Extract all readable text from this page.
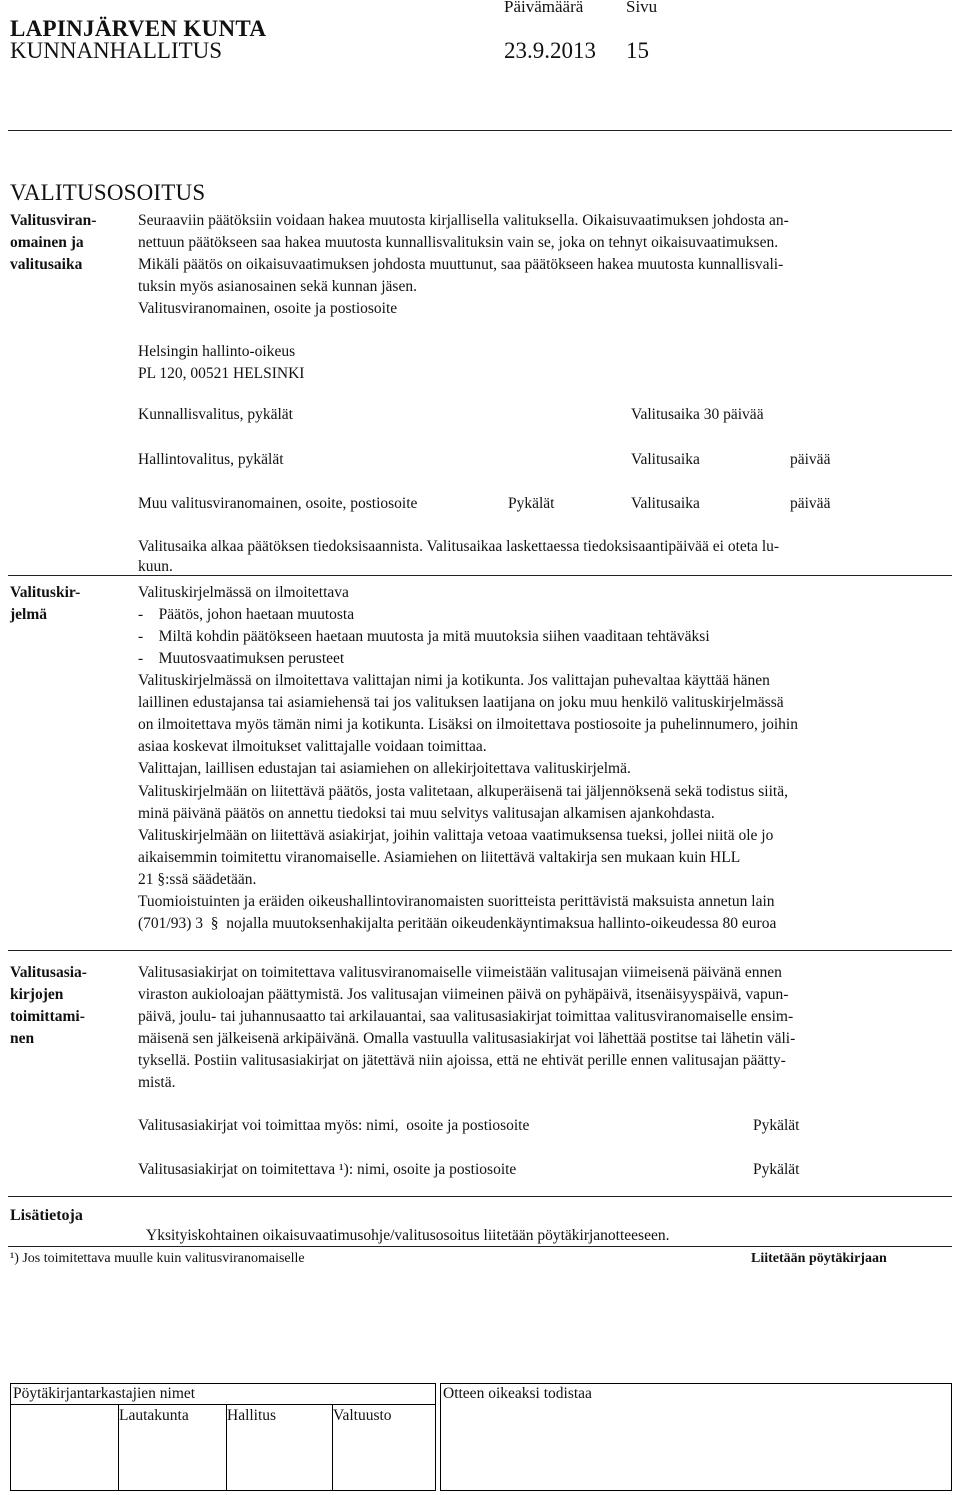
LAPINJÄRVEN KUNTA
KUNNANHALLITUS
Päivämäärä	Sivu
23.9.2013 15
VALITUSOSOITUS
Valitusviran-
omainen ja
valitusaika
Seuraaviin päätöksiin voidaan hakea muutosta kirjallisella valituksella. Oikaisuvaatimuksen johdosta an-
nettuun päätökseen saa hakea muutosta kunnallisvalituksin vain se, joka on tehnyt oikaisuvaatimuksen.
Mikäli päätös on oikaisuvaatimuksen johdosta muuttunut, saa päätökseen hakea muutosta kunnallisvali-
tuksin myös asianosainen sekä kunnan jäsen.
Valitusviranomainen, osoite ja postiosoite
Helsingin hallinto-oikeus
PL 120, 00521 HELSINKI
Kunnallisvalitus, pykälät	Valitusaika 30 päivää
Hallintovalitus, pykälät	Valitusaika	päivää
Muu valitusviranomainen, osoite, postiosoite	Pykälät	Valitusaika	päivää
Valitusaika alkaa päätöksen tiedoksisaannista. Valitusaikaa laskettaessa tiedoksisaantipäivää ei oteta lu-
kuun.
Valituskir-
jelmä
Valituskirjelmässä on ilmoitettava
-    Päätös, johon haetaan muutosta
-    Miltä kohdin päätökseen haetaan muutosta ja mitä muutoksia siihen vaaditaan tehtäväksi
-    Muutosvaatimuksen perusteet
Valituskirjelmässä on ilmoitettava valittajan nimi ja kotikunta. Jos valittajan puhevaltaa käyttää hänen
laillinen edustajansa tai asiamiehensä tai jos valituksen laatijana on joku muu henkilö valituskirjelmässä
on ilmoitettava myös tämän nimi ja kotikunta. Lisäksi on ilmoitettava postiosoite ja puhelinnumero, joihin
asiaa koskevat ilmoitukset valittajalle voidaan toimittaa.
Valittajan, laillisen edustajan tai asiamiehen on allekirjoitettava valituskirjelmä.
Valituskirjelmään on liitettävä päätös, josta valitetaan, alkuperäisenä tai jäljennöksenä sekä todistus siitä,
minä päivänä päätös on annettu tiedoksi tai muu selvitys valitusajan alkamisen ajankohdasta.
Valituskirjelmään on liitettävä asiakirjat, joihin valittaja vetoaa vaatimuksensa tueksi, jollei niitä ole jo
aikaisemmin toimitettu viranomaiselle. Asiamiehen on liitettävä valtakirja sen mukaan kuin HLL
21 §:ssä säädetään.
Tuomioistuinten ja eräiden oikeushallintoviranomaisten suoritteista perittävistä maksuista annetun lain
(701/93) 3  §  nojalla muutoksenhakijalta peritään oikeudenkäyntimaksua hallinto-oikeudessa 80 euroa
Valitusasia-
kirjojen
toimittami-
nen
Valitusasiakirjat on toimitettava valitusviranomaiselle viimeistään valitusajan viimeisenä päivänä ennen
viraston aukioloajan päättymistä. Jos valitusajan viimeinen päivä on pyhäpäivä, itsenäisyyspäivä, vapun-
päivä, joulu- tai juhannusaatto tai arkilauantai, saa valitusasiakirjat toimittaa valitusviranomaiselle ensim-
mäisenä sen jälkeisenä arkipäivänä. Omalla vastuulla valitusasiakirjat voi lähettää postitse tai lähetin väli-
tyksellä. Postiin valitusasiakirjat on jätettävä niin ajoissa, että ne ehtivät perille ennen valitusajan päätty-
mistä.
Valitusasiakirjat voi toimittaa myös: nimi,  osoite ja postiosoite	Pykälät
Valitusasiakirjat on toimitettava ¹): nimi, osoite ja postiosoite	Pykälät
Lisätietoja
Yksityiskohtainen oikaisuvaatimusohje/valitusosoitus liitetään pöytäkirjanotteeseen.
¹) Jos toimitettava muulle kuin valitusviranomaiselle	Liitetään pöytäkirjaan
Pöytäkirjantarkastajien nimet
Lautakunta Hallitus	Valtuusto
Otteen oikeaksi todistaa
